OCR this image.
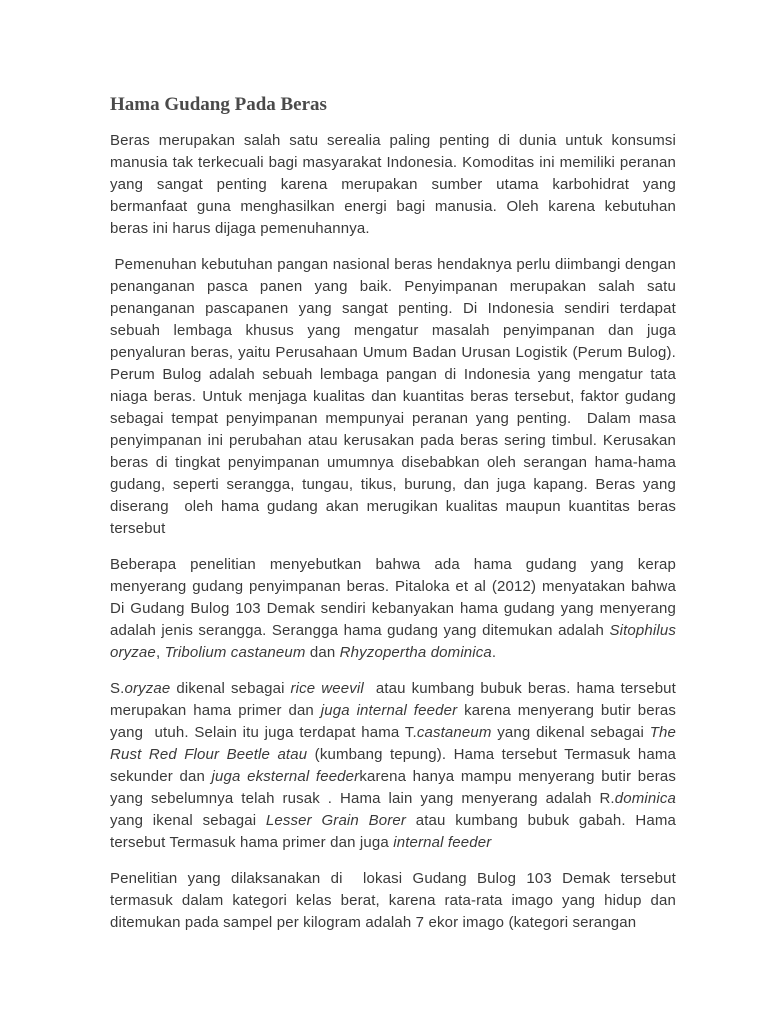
Hama Gudang Pada Beras

Beras merupakan salah satu serealia paling penting di dunia untuk konsumsi manusia tak terkecuali bagi masyarakat Indonesia. Komoditas ini memiliki peranan yang sangat penting karena merupakan sumber utama karbohidrat yang bermanfaat guna menghasilkan energi bagi manusia. Oleh karena kebutuhan beras ini harus dijaga pemenuhannya.

Pemenuhan kebutuhan pangan nasional beras hendaknya perlu diimbangi dengan penanganan pasca panen yang baik. Penyimpanan merupakan salah satu penanganan pascapanen yang sangat penting. Di Indonesia sendiri terdapat sebuah lembaga khusus yang mengatur masalah penyimpanan dan juga penyaluran beras, yaitu Perusahaan Umum Badan Urusan Logistik (Perum Bulog). Perum Bulog adalah sebuah lembaga pangan di Indonesia yang mengatur tata niaga beras. Untuk menjaga kualitas dan kuantitas beras tersebut, faktor gudang sebagai tempat penyimpanan mempunyai peranan yang penting.  Dalam masa penyimpanan ini perubahan atau kerusakan pada beras sering timbul. Kerusakan beras di tingkat penyimpanan umumnya disebabkan oleh serangan hama-hama gudang, seperti serangga, tungau, tikus, burung, dan juga kapang. Beras yang diserang  oleh hama gudang akan merugikan kualitas maupun kuantitas beras tersebut

Beberapa penelitian menyebutkan bahwa ada hama gudang yang kerap menyerang gudang penyimpanan beras. Pitaloka et al (2012) menyatakan bahwa Di Gudang Bulog 103 Demak sendiri kebanyakan hama gudang yang menyerang adalah jenis serangga. Serangga hama gudang yang ditemukan adalah Sitophilus oryzae, Tribolium castaneum dan Rhyzopertha dominica.

S.oryzae dikenal sebagai rice weevil  atau kumbang bubuk beras. hama tersebut merupakan hama primer dan juga internal feeder karena menyerang butir beras yang  utuh. Selain itu juga terdapat hama T.castaneum yang dikenal sebagai The Rust Red Flour Beetle atau (kumbang tepung). Hama tersebut Termasuk hama sekunder dan juga eksternal feederkarena hanya mampu menyerang butir beras yang sebelumnya telah rusak . Hama lain yang menyerang adalah R.dominica yang ikenal sebagai Lesser Grain Borer atau kumbang bubuk gabah. Hama tersebut Termasuk hama primer dan juga internal feeder

Penelitian yang dilaksanakan di  lokasi Gudang Bulog 103 Demak tersebut termasuk dalam kategori kelas berat, karena rata-rata imago yang hidup dan ditemukan pada sampel per kilogram adalah 7 ekor imago (kategori serangan
